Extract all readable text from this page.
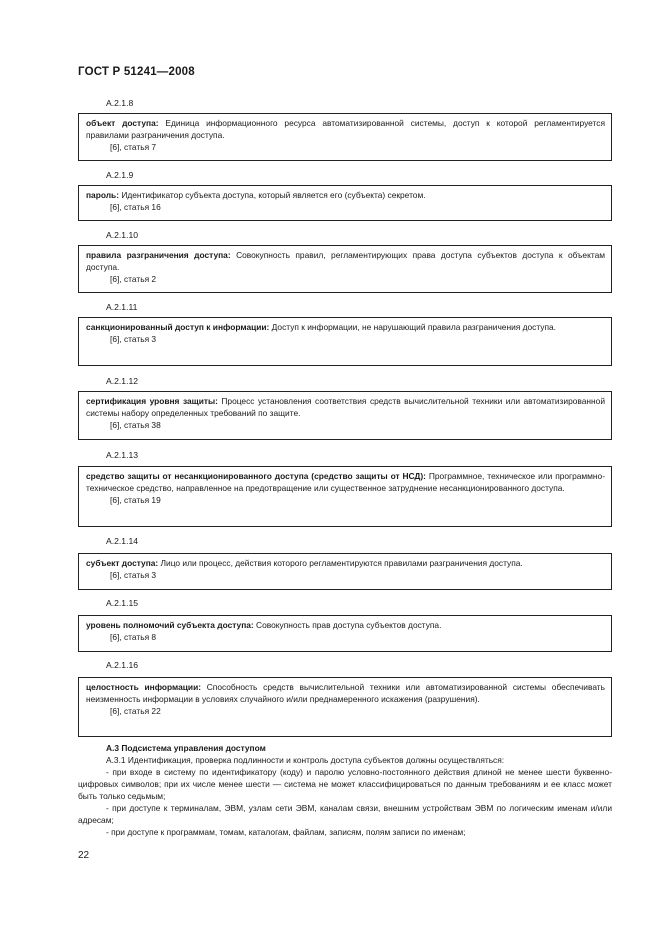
ГОСТ Р 51241—2008
А.2.1.8

объект доступа: Единица информационного ресурса автоматизированной системы, доступ к которой регламентируется правилами разграничения доступа.

[6], статья 7

А.2.1.9

пароль: Идентификатор субъекта доступа, который является его (субъекта) секретом.

[6], статья 16

А.2.1.10

правила разграничения доступа: Совокупность правил, регламентирующих права доступа субъектов доступа к объектам доступа.

[6], статья 2

А.2.1.11

санкционированный доступ к информации: Доступ к информации, не нарушающий правила разграничения доступа.

[6], статья 3

А.2.1.12

сертификация уровня защиты: Процесс установления соответствия средств вычислительной техники или автоматизированной системы набору определенных требований по защите.

[6], статья 38

А.2.1.13

средство защиты от несанкционированного доступа (средство защиты от НСД): Программное, техническое или программно-техническое средство, направленное на предотвращение или существенное затруднение несанкционированного доступа.

[6], статья 19

А.2.1.14

субъект доступа: Лицо или процесс, действия которого регламентируются правилами разграничения доступа.

[6], статья 3

А.2.1.15

уровень полномочий субъекта доступа: Совокупность прав доступа субъектов доступа.

[6], статья 8

А.2.1.16

целостность информации: Способность средств вычислительной техники или автоматизированной системы обеспечивать неизменность информации в условиях случайного и/или преднамеренного искажения (разрушения).

[6], статья 22

А.3 Подсистема управления доступом

А.3.1 Идентификация, проверка подлинности и контроль доступа субъектов должны осуществляться:

- при входе в систему по идентификатору (коду) и паролю условно-постоянного действия длиной не менее шести буквенно-цифровых символов; при их числе менее шести — система не может классифицироваться по данным требованиям и ее класс может быть только седьмым;

- при доступе к терминалам, ЭВМ, узлам сети ЭВМ, каналам связи, внешним устройствам ЭВМ по логическим именам и/или адресам;

- при доступе к программам, томам, каталогам, файлам, записям, полям записи по именам;

22
